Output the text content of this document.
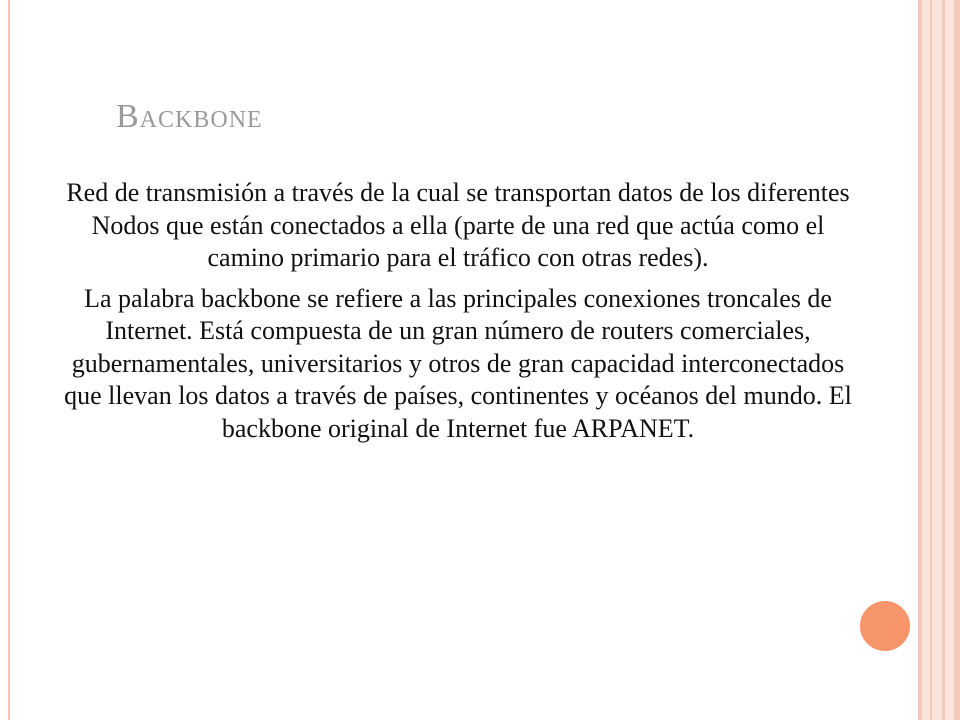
Backbone

Red de transmisión a través de la cual se transportan datos de los diferentes Nodos que están conectados a ella (parte de una red que actúa como el camino primario para el tráfico con otras redes).

La palabra backbone se refiere a las principales conexiones troncales de Internet. Está compuesta de un gran número de routers comerciales, gubernamentales, universitarios y otros de gran capacidad interconectados que llevan los datos a través de países, continentes y océanos del mundo. El backbone original de Internet fue ARPANET.
